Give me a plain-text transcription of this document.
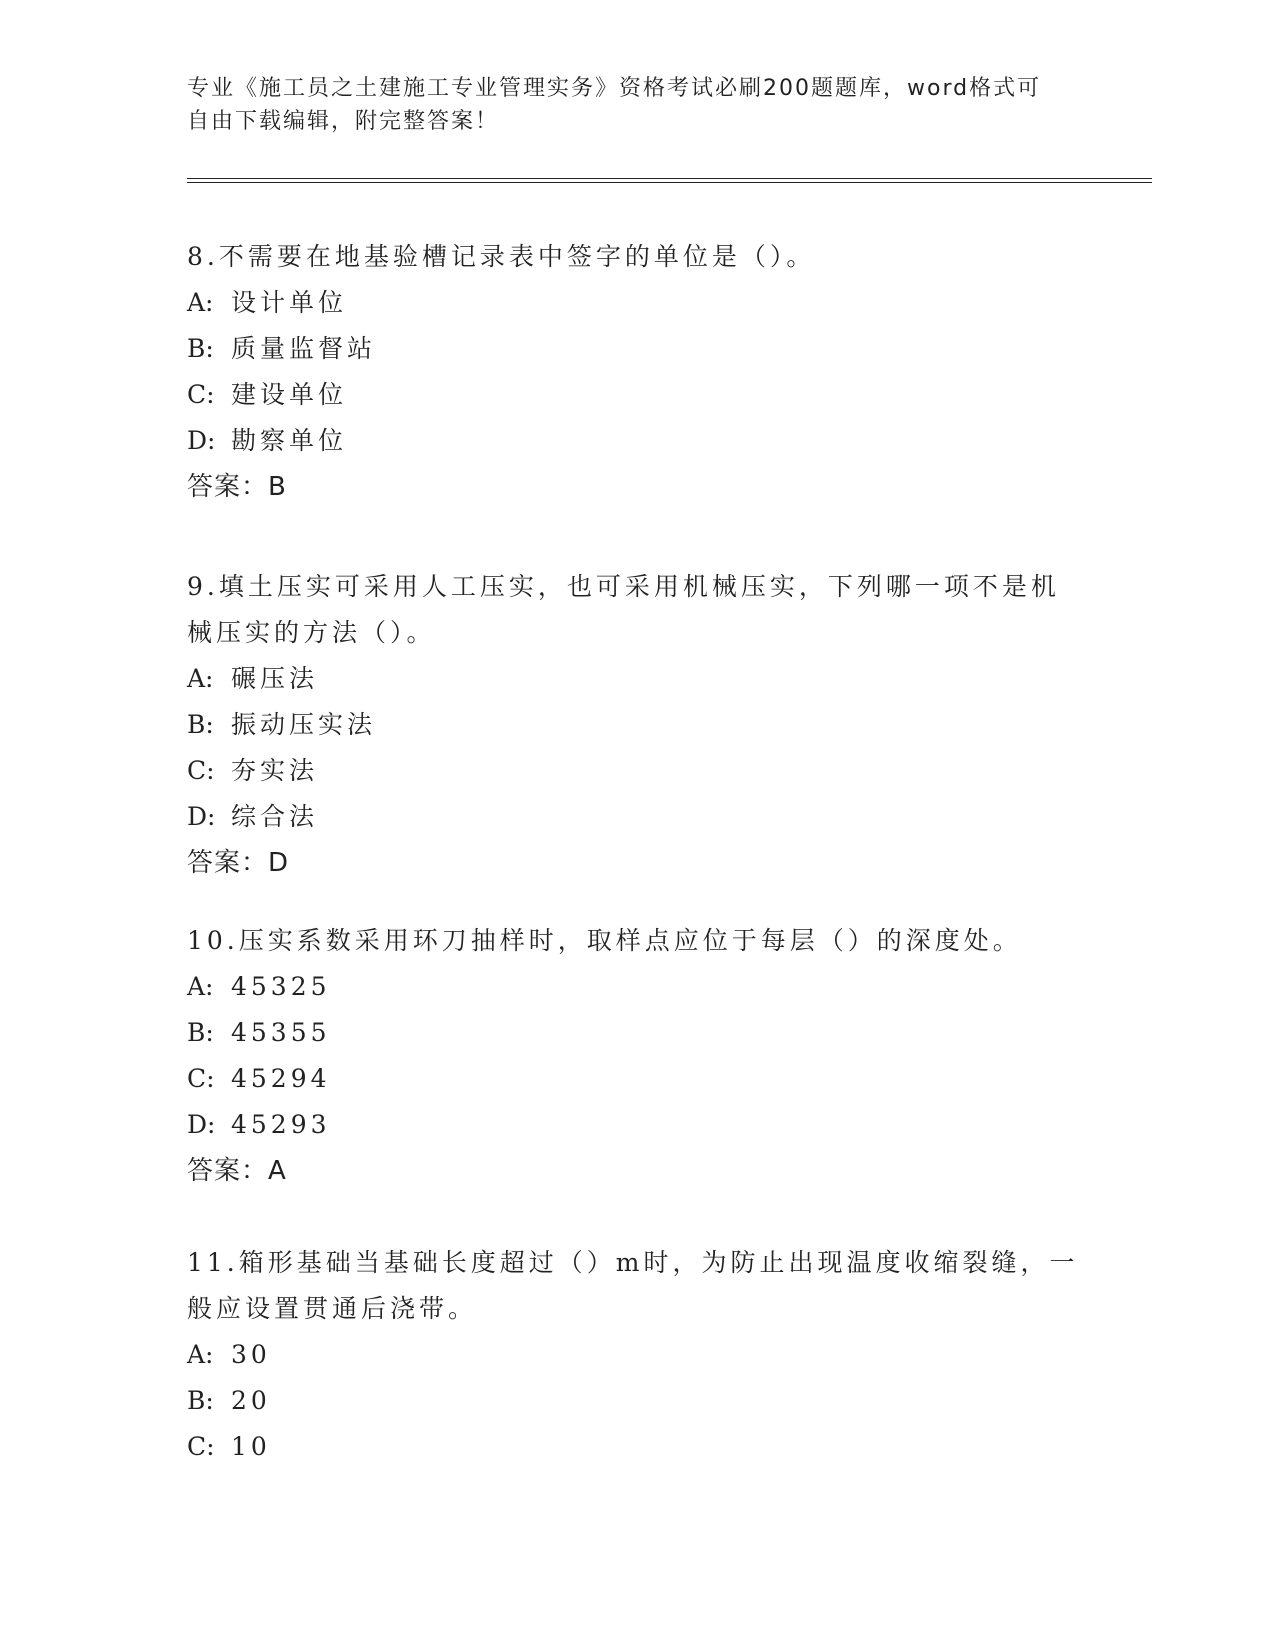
专业《施工员之土建施工专业管理实务》资格考试必刷200题题库，word格式可
自由下载编辑，附完整答案！

8.不需要在地基验槽记录表中签字的单位是（）。

A: 设计单位
B: 质量监督站
C: 建设单位
D: 勘察单位
答案：B

9.填土压实可采用人工压实，也可采用机械压实，下列哪一项不是机械压实的方法（）。

A: 碾压法
B: 振动压实法
C: 夯实法
D: 综合法
答案：D

10.压实系数采用环刀抽样时，取样点应位于每层（）的深度处。

A: 45325
B: 45355
C: 45294
D: 45293
答案：A

11.箱形基础当基础长度超过（）m时，为防止出现温度收缩裂缝，一般应设置贯通后浇带。

A: 30
B: 20
C: 10
